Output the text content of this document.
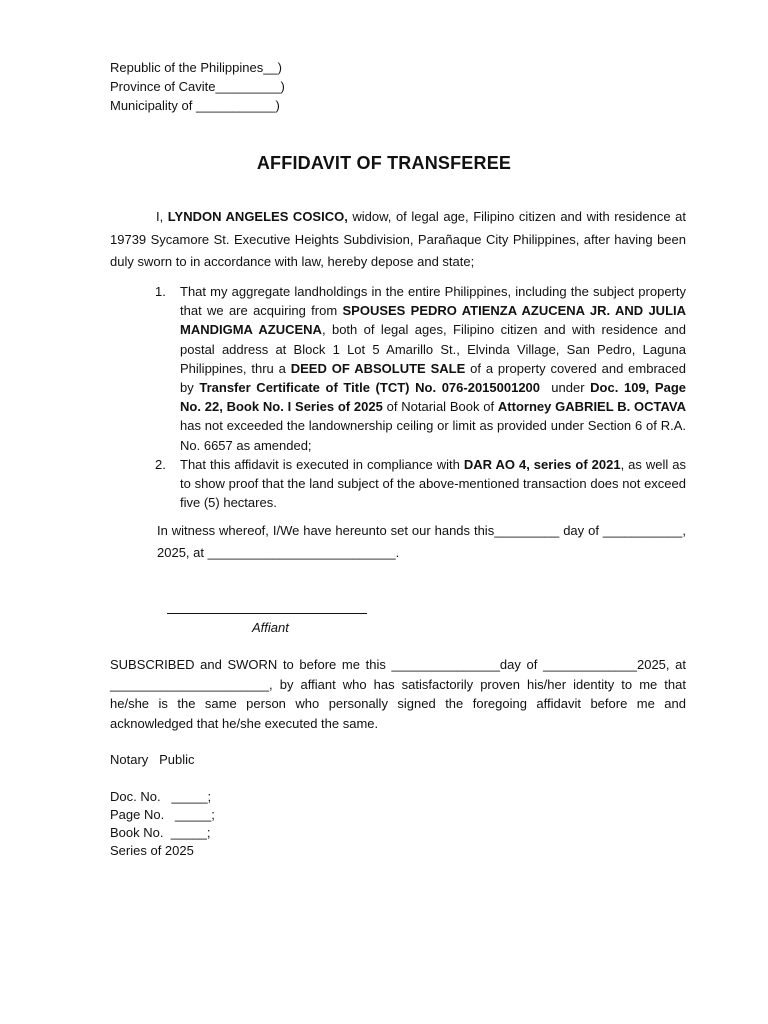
Republic of the Philippines__)
Province of Cavite_________)
Municipality of ___________)
AFFIDAVIT OF TRANSFEREE
I, LYNDON ANGELES COSICO, widow, of legal age, Filipino citizen and with residence at 19739 Sycamore St. Executive Heights Subdivision, Parañaque City Philippines, after having been duly sworn to in accordance with law, hereby depose and state;
1. That my aggregate landholdings in the entire Philippines, including the subject property that we are acquiring from SPOUSES PEDRO ATIENZA AZUCENA JR. AND JULIA MANDIGMA AZUCENA, both of legal ages, Filipino citizen and with residence and postal address at Block 1 Lot 5 Amarillo St., Elvinda Village, San Pedro, Laguna Philippines, thru a DEED OF ABSOLUTE SALE of a property covered and embraced by Transfer Certificate of Title (TCT) No. 076-2015001200  under Doc. 109, Page No. 22, Book No. I Series of 2025 of Notarial Book of Attorney GABRIEL B. OCTAVA has not exceeded the landownership ceiling or limit as provided under Section 6 of R.A. No. 6657 as amended;
2. That this affidavit is executed in compliance with DAR AO 4, series of 2021, as well as to show proof that the land subject of the above-mentioned transaction does not exceed five (5) hectares.
In witness whereof, I/We have hereunto set our hands this_________ day of ___________, 2025, at __________________________.
Affiant
SUBSCRIBED and SWORN to before me this _______________day of _____________2025, at ______________________, by affiant who has satisfactorily proven his/her identity to me that he/she is the same person who personally signed the foregoing affidavit before me and acknowledged that he/she executed the same.
Notary   Public
Doc. No.   _____;
Page No.   _____;
Book No.  _____;
Series of 2025
